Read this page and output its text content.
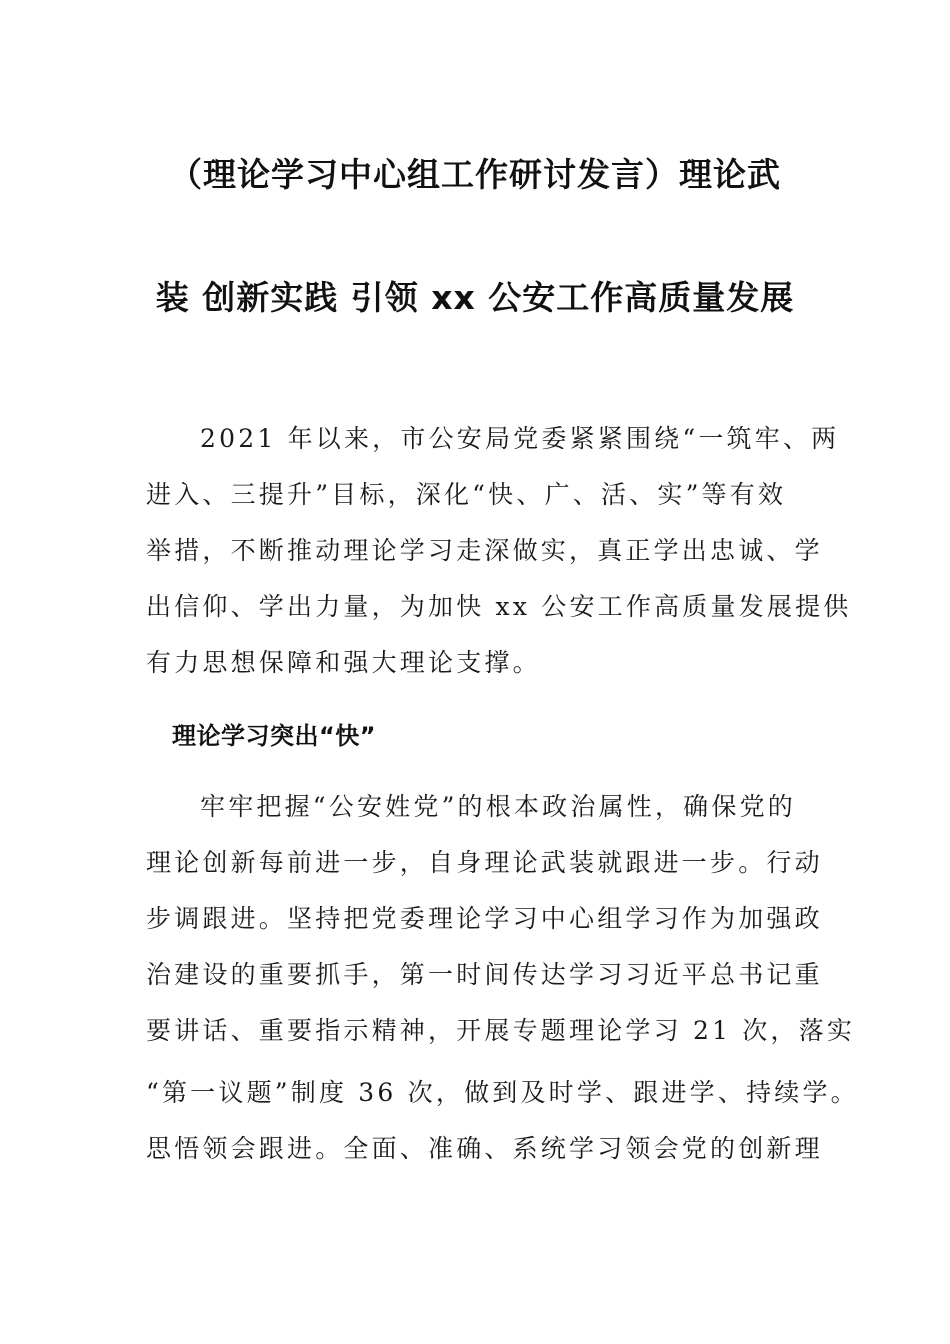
（理论学习中心组工作研讨发言）理论武
装 创新实践 引领 xx 公安工作高质量发展
2021 年以来，市公安局党委紧紧围绕“一筑牢、两
进入、三提升”目标，深化“快、广、活、实”等有效
举措，不断推动理论学习走深做实，真正学出忠诚、学
出信仰、学出力量，为加快 xx 公安工作高质量发展提供
有力思想保障和强大理论支撑。
理论学习突出“快”
牢牢把握“公安姓党”的根本政治属性，确保党的
理论创新每前进一步，自身理论武装就跟进一步。行动
步调跟进。坚持把党委理论学习中心组学习作为加强政
治建设的重要抓手，第一时间传达学习习近平总书记重
要讲话、重要指示精神，开展专题理论学习 21 次，落实
“第一议题”制度 36 次，做到及时学、跟进学、持续学。
思悟领会跟进。全面、准确、系统学习领会党的创新理
